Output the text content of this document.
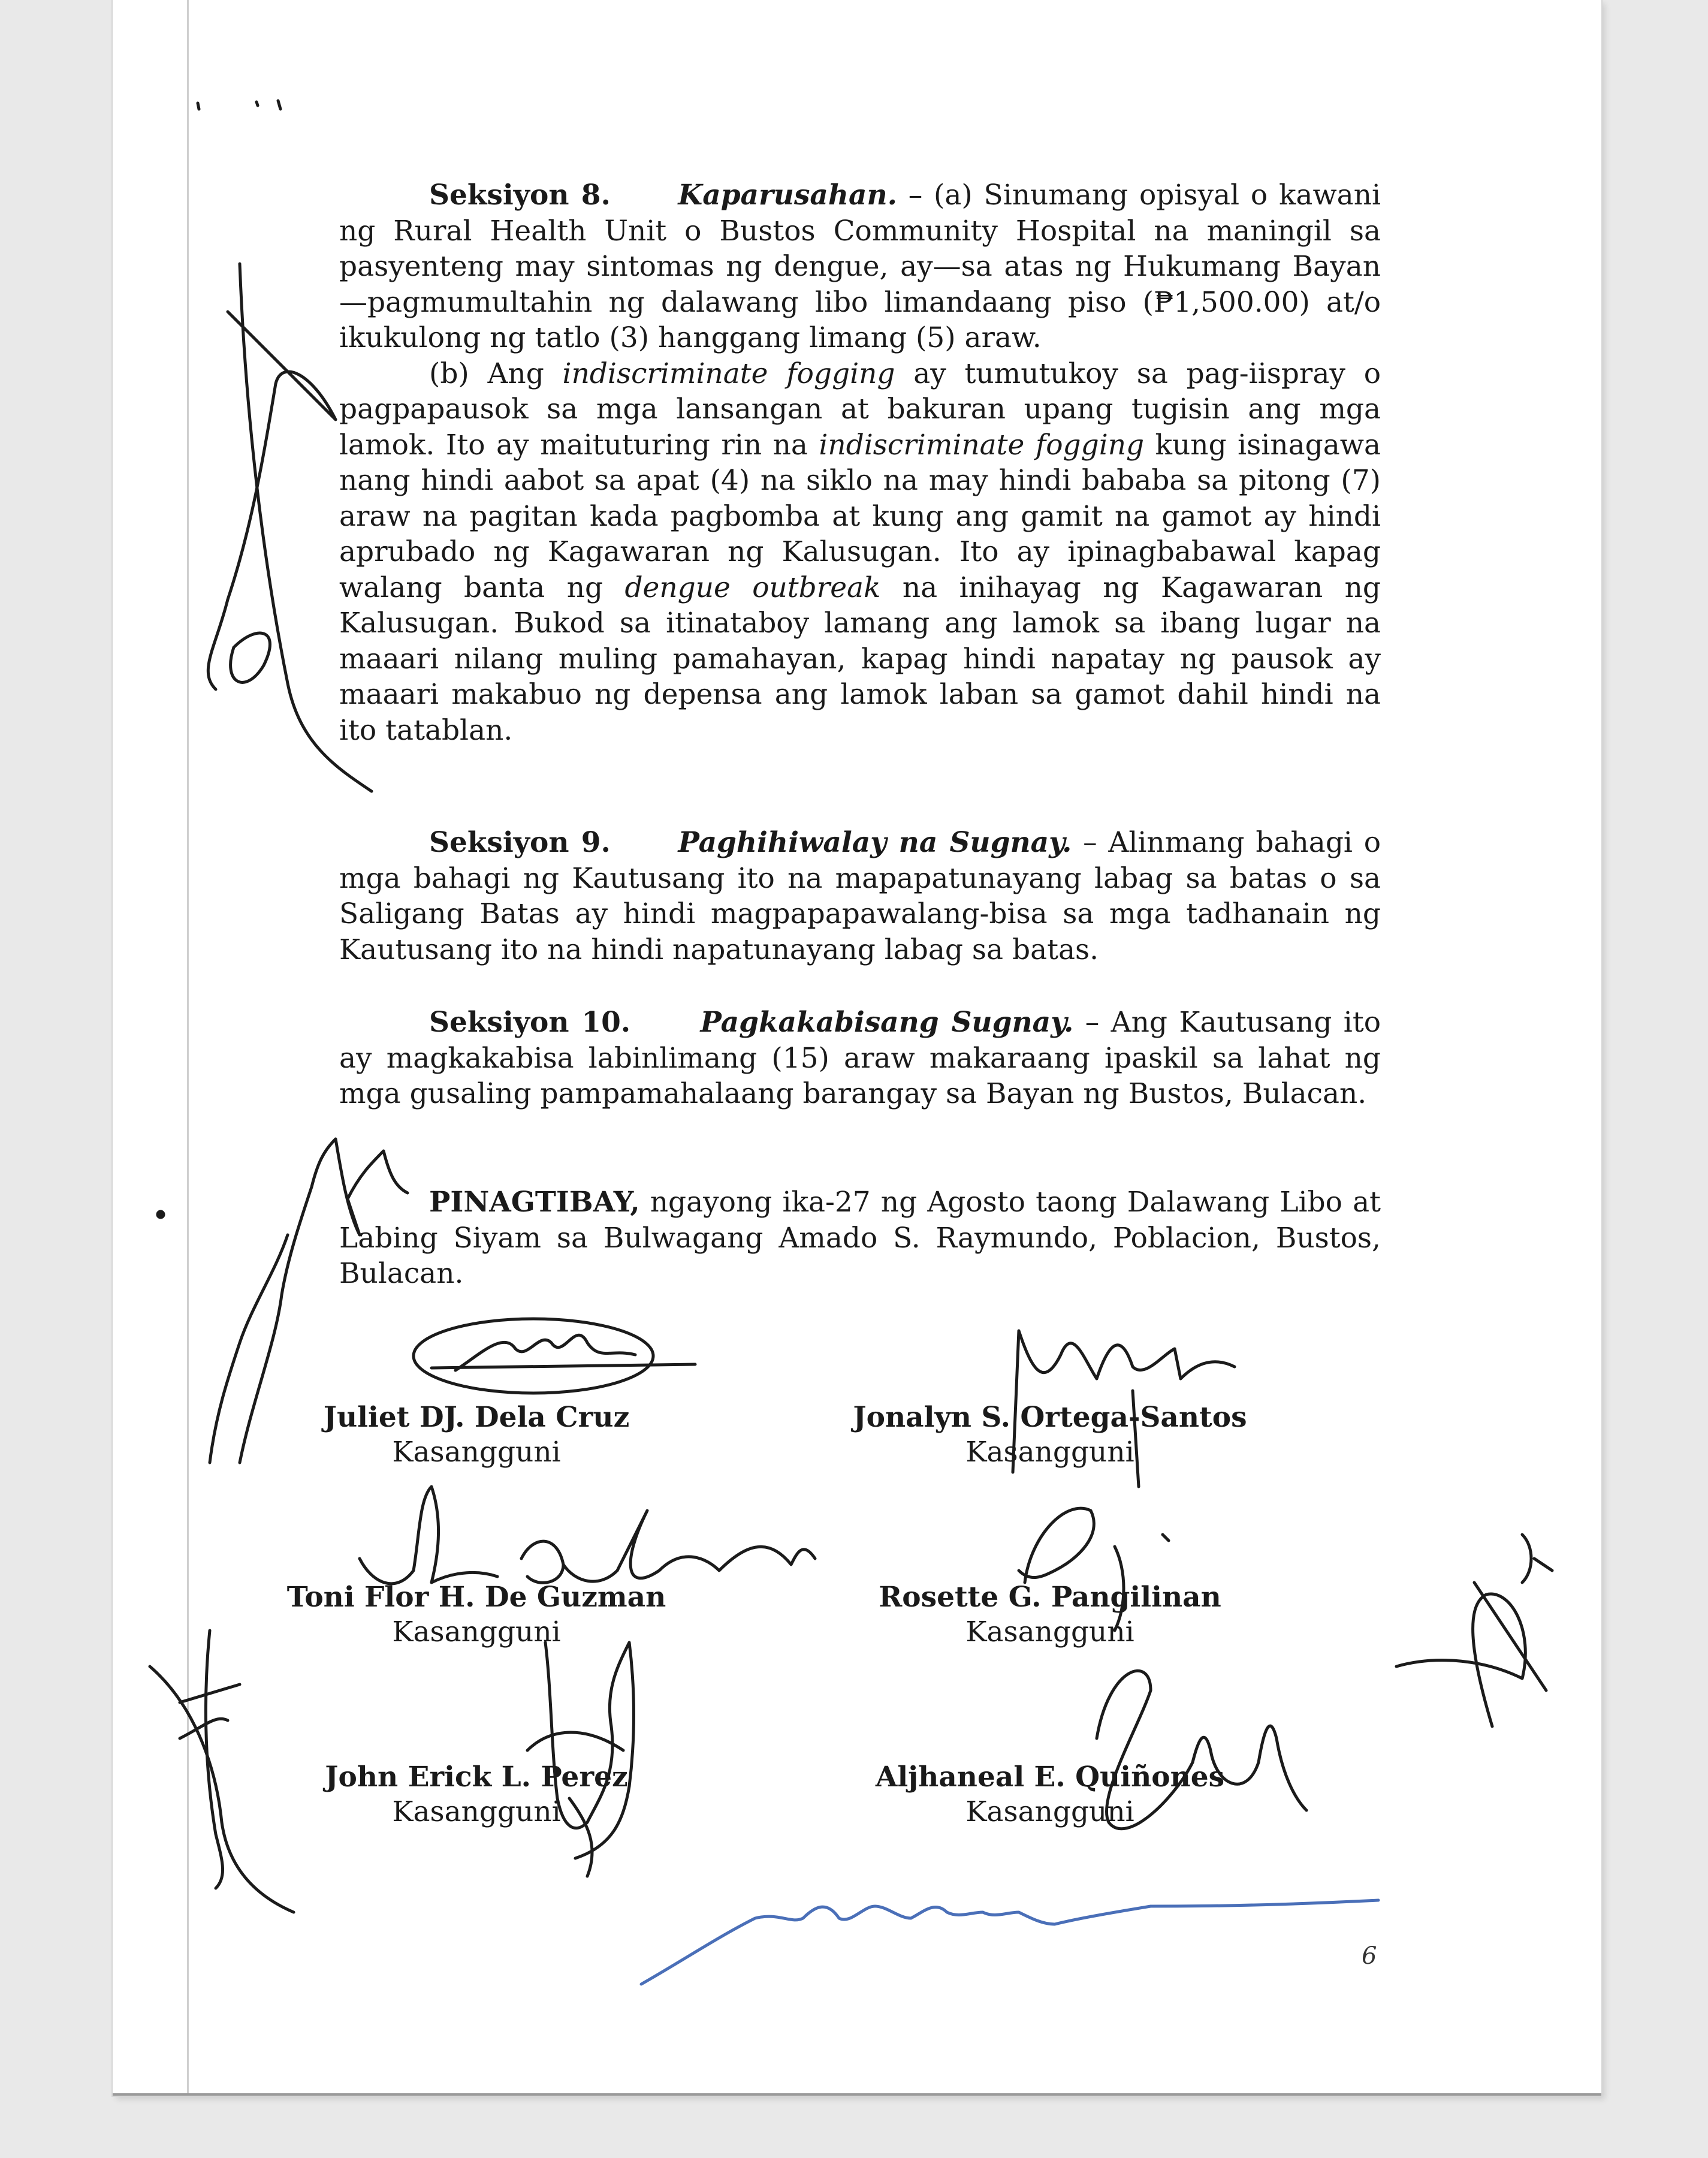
Seksiyon 8. Kaparusahan. – (a) Sinumang opisyal o kawani ng Rural Health Unit o Bustos Community Hospital na maningil sa pasyenteng may sintomas ng dengue, ay—sa atas ng Hukumang Bayan—pagmumultahin ng dalawang libo limandaang piso (₱1,500.00) at/o ikukulong ng tatlo (3) hanggang limang (5) araw.
(b) Ang indiscriminate fogging ay tumutukoy sa pag-iispray o pagpapausok sa mga lansangan at bakuran upang tugisin ang mga lamok. Ito ay maituturing rin na indiscriminate fogging kung isinagawa nang hindi aabot sa apat (4) na siklo na may hindi bababa sa pitong (7) araw na pagitan kada pagbomba at kung ang gamit na gamot ay hindi aprubado ng Kagawaran ng Kalusugan. Ito ay ipinagbabawal kapag walang banta ng dengue outbreak na inihayag ng Kagawaran ng Kalusugan. Bukod sa itinataboy lamang ang lamok sa ibang lugar na maaari nilang muling pamahayan, kapag hindi napatay ng pausok ay maaari makabuo ng depensa ang lamok laban sa gamot dahil hindi na ito tatablan.
Seksiyon 9. Paghihiwalay na Sugnay. – Alinmang bahagi o mga bahagi ng Kautusang ito na mapapatunayang labag sa batas o sa Saligang Batas ay hindi magpapapawalang-bisa sa mga tadhanain ng Kautusang ito na hindi napatunayang labag sa batas.
Seksiyon 10. Pagkakabisang Sugnay. – Ang Kautusang ito ay magkakabisa labinlimang (15) araw makaraang ipaskil sa lahat ng mga gusaling pampamahalaang barangay sa Bayan ng Bustos, Bulacan.
PINAGTIBAY, ngayong ika-27 ng Agosto taong Dalawang Libo at Labing Siyam sa Bulwagang Amado S. Raymundo, Poblacion, Bustos, Bulacan.
Juliet DJ. Dela Cruz
Kasangguni
Jonalyn S. Ortega-Santos
Kasangguni
Toni Flor H. De Guzman
Kasangguni
Rosette G. Pangilinan
Kasangguni
John Erick L. Perez
Kasangguni
Aljhaneal E. Quiñones
Kasangguni
6
